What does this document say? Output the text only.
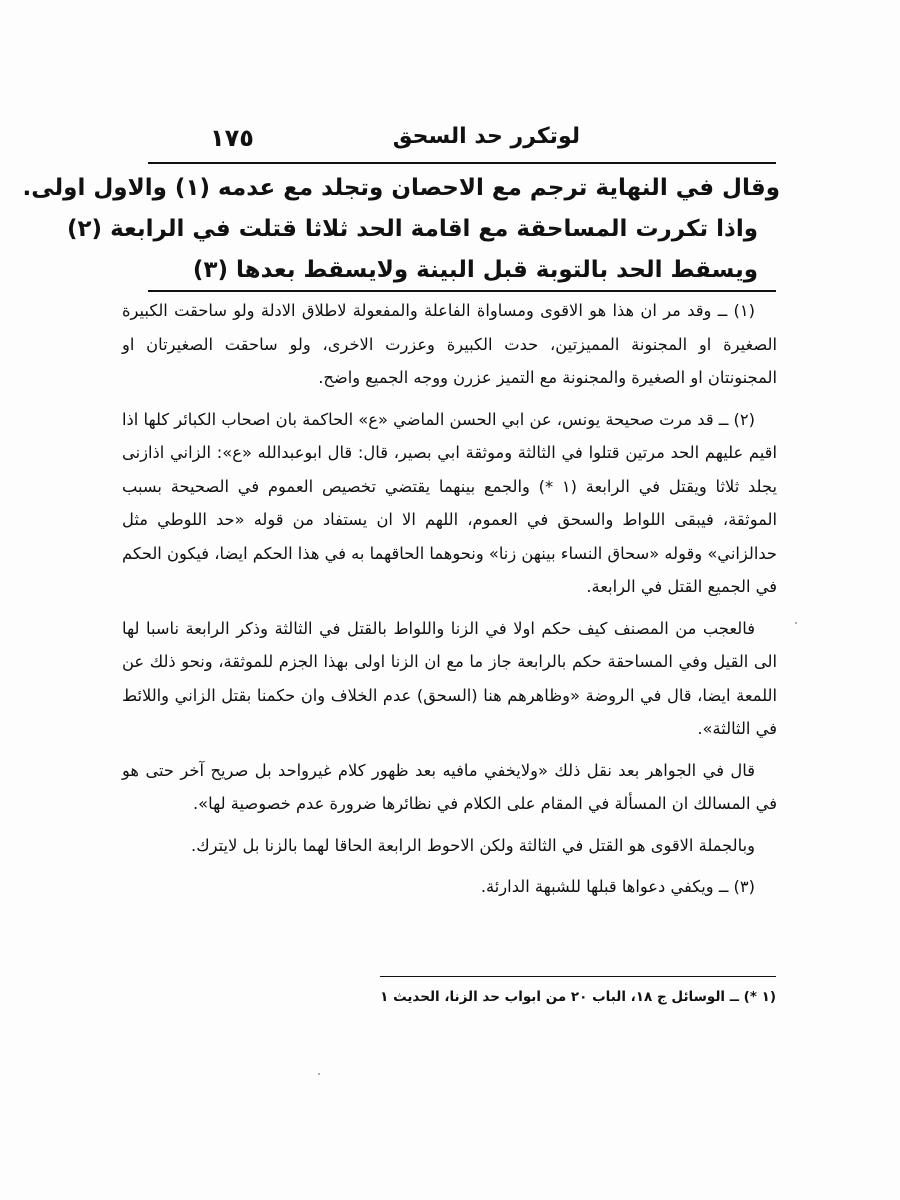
لوتكرر حد السحق
١٧٥
وقال في النهاية ترجم مع الاحصان وتجلد مع عدمه (١) والاول اولى.
واذا تكررت المساحقة مع اقامة الحد ثلاثا قتلت في الرابعة (٢)
ويسقط الحد بالتوبة قبل البينة ولايسقط بعدها (٣)

(١) ــ وقد مر ان هذا هو الاقوى ومساواة الفاعلة والمفعولة لاطلاق الادلة ولو ساحقت الكبيرة الصغيرة او المجنونة المميزتين، حدت الكبيرة وعزرت الاخرى، ولو ساحقت الصغيرتان او المجنونتان او الصغيرة والمجنونة مع التميز عزرن ووجه الجميع واضح.

(٢) ــ قد مرت صحيحة يونس، عن ابي الحسن الماضي «ع» الحاكمة بان اصحاب الكبائر كلها اذا اقيم عليهم الحد مرتين قتلوا في الثالثة وموثقة ابي بصير، قال: قال ابوعبدالله «ع»: الزاني اذازنى يجلد ثلاثا ويقتل في الرابعة (١ *) والجمع بينهما يقتضي تخصيص العموم في الصحيحة بسبب الموثقة، فيبقى اللواط والسحق في العموم، اللهم الا ان يستفاد من قوله «حد اللوطي مثل حدالزاني» وقوله «سحاق النساء بينهن زنا» ونحوهما الحاقهما به في هذا الحكم ايضا، فيكون الحكم في الجميع القتل في الرابعة.

فالعجب من المصنف كيف حكم اولا في الزنا واللواط بالقتل في الثالثة وذكر الرابعة ناسبا لها الى القيل وفي المساحقة حكم بالرابعة جاز ما مع ان الزنا اولى بهذا الجزم للموثقة، ونحو ذلك عن اللمعة ايضا، قال في الروضة «وظاهرهم هنا (السحق) عدم الخلاف وان حكمنا بقتل الزاني واللائط في الثالثة».

قال في الجواهر بعد نقل ذلك «ولايخفي مافيه بعد ظهور كلام غيرواحد بل صريح آخر حتى هو في المسالك ان المسألة في المقام على الكلام في نظائرها ضرورة عدم خصوصية لها».

وبالجملة الاقوى هو القتل في الثالثة ولكن الاحوط الرابعة الحاقا لهما بالزنا بل لايترك.

(٣) ــ ويكفي دعواها قبلها للشبهة الدارئة.

(١ *) ــ الوسائل ج ١٨، الباب ٢٠ من ابواب حد الزنا، الحديث ١
